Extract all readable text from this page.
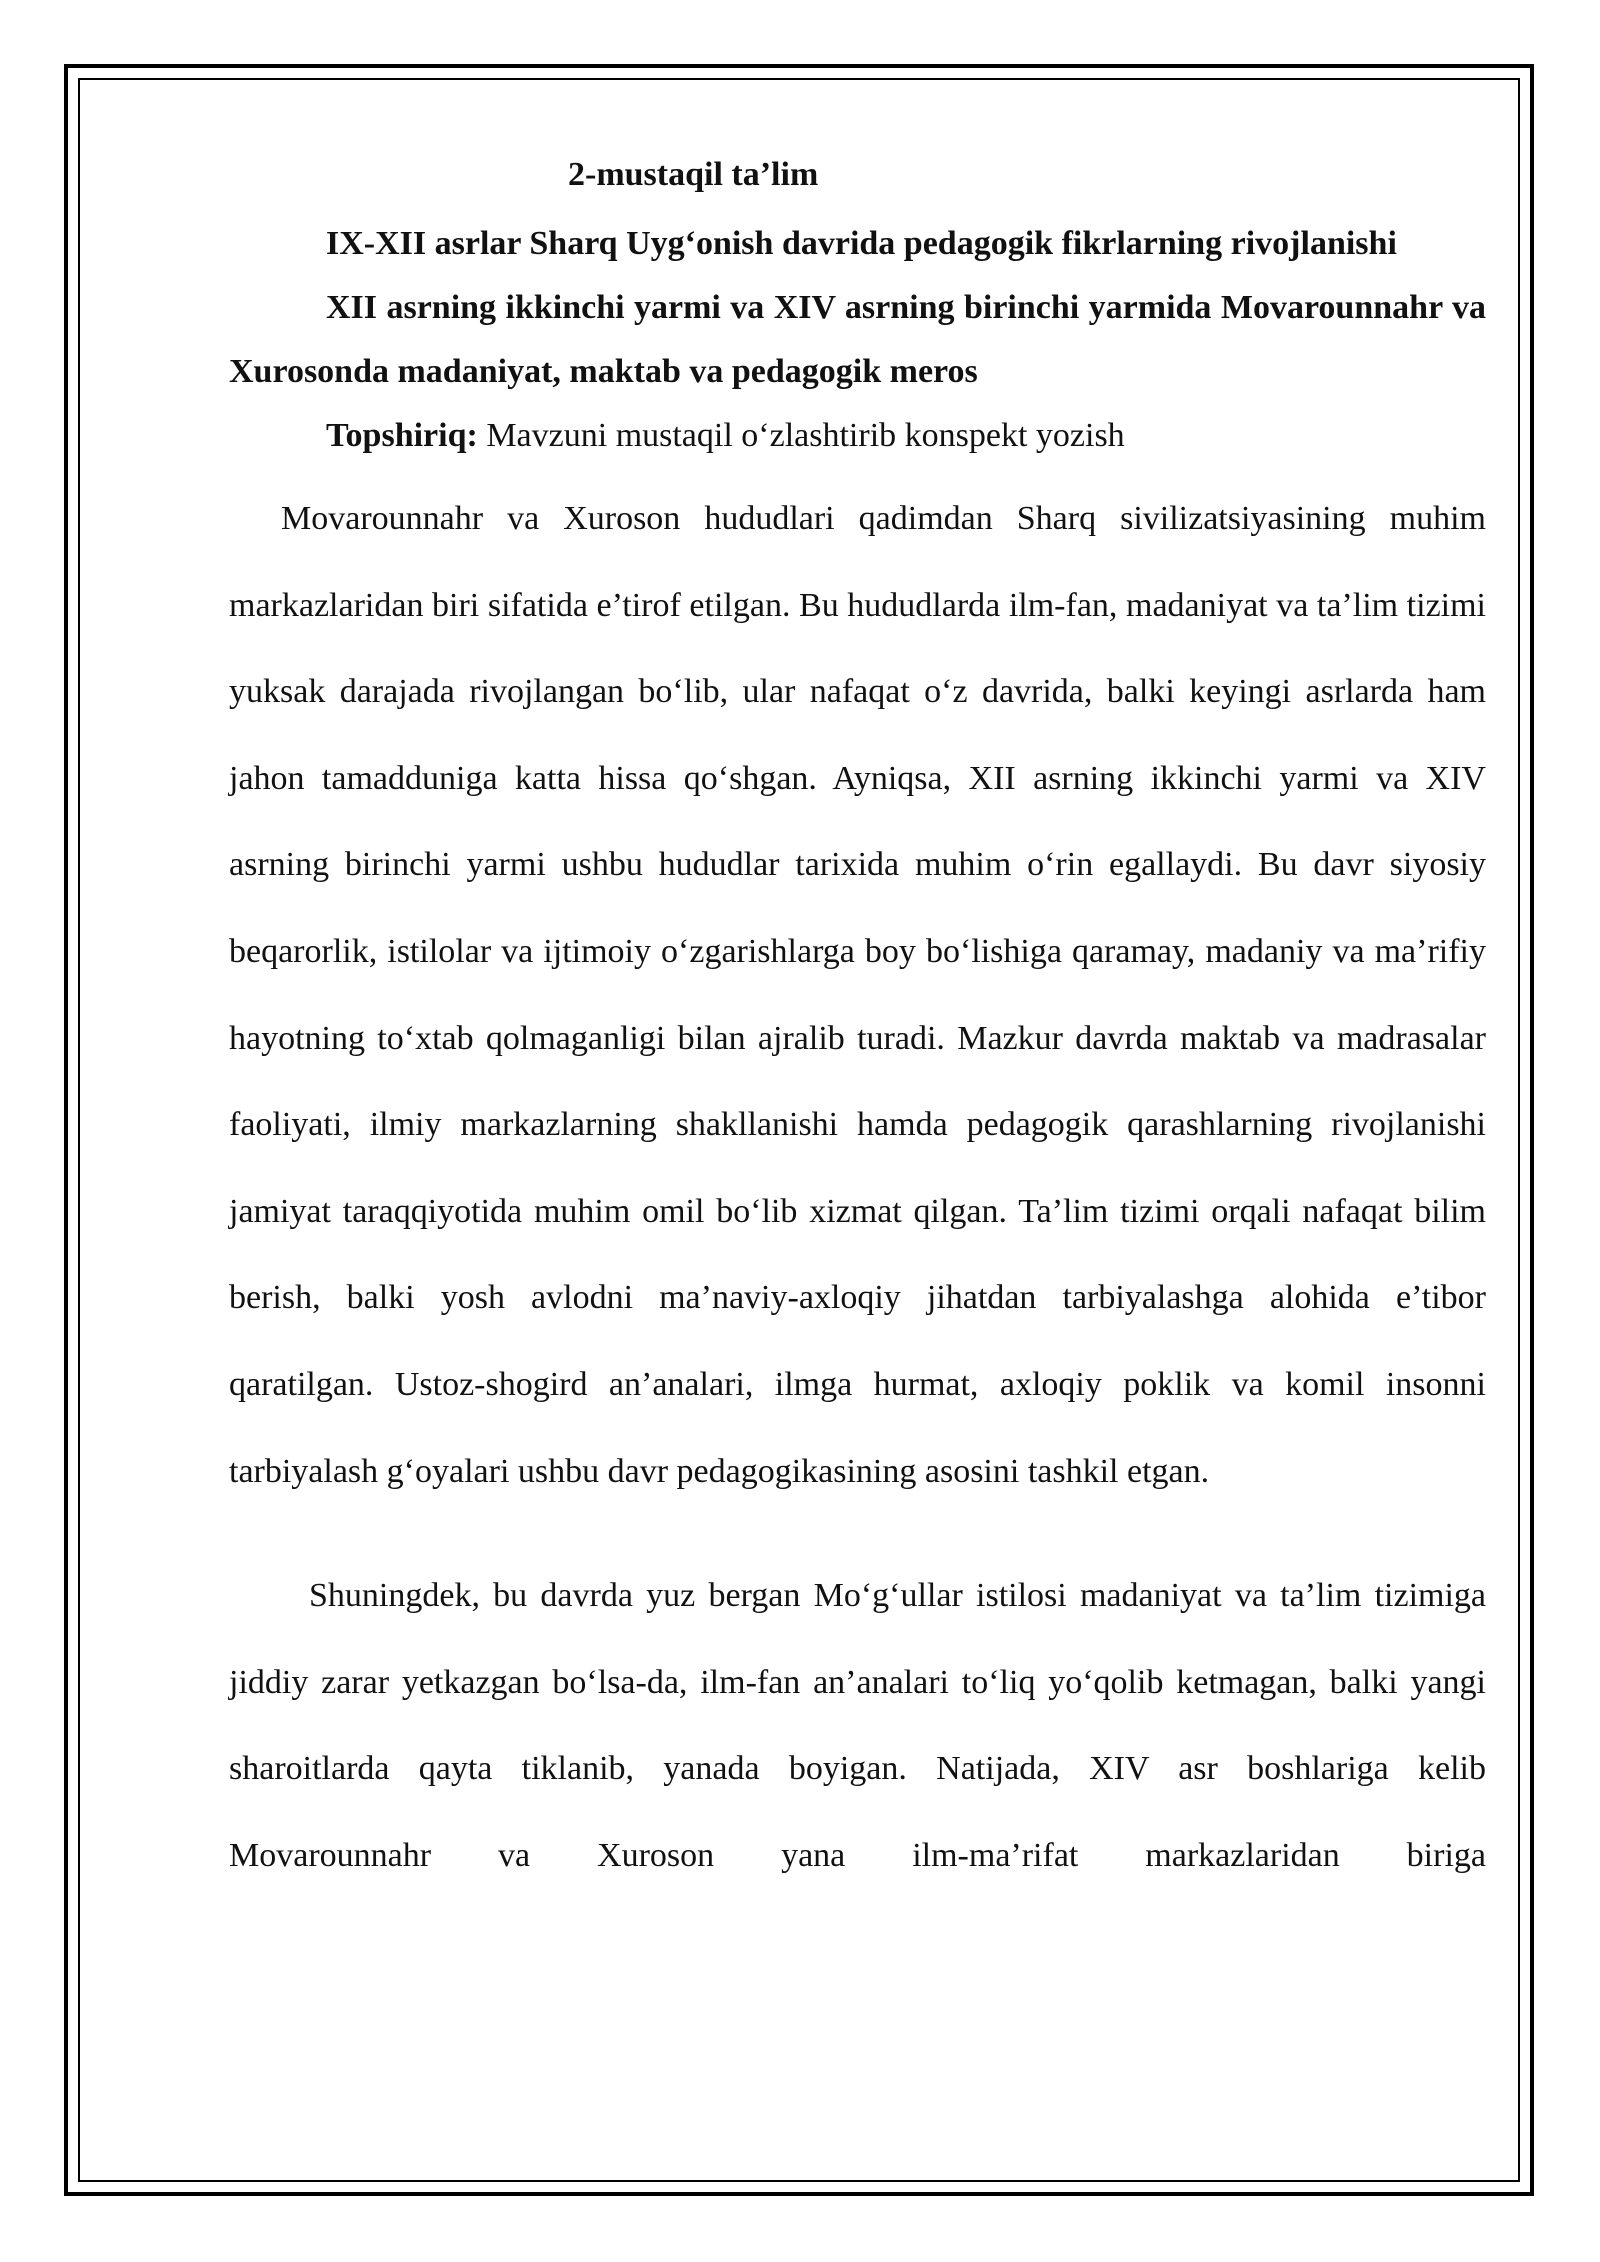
2-mustaqil ta’lim

IX-XII asrlar Sharq Uyg‘onish davrida pedagogik fikrlarning rivojlanishi

XII asrning ikkinchi yarmi va XIV asrning birinchi yarmida Movarounnahr va Xurosonda madaniyat, maktab va pedagogik meros

Topshiriq: Mavzuni mustaqil o‘zlashtirib konspekt yozish

Movarounnahr va Xuroson hududlari qadimdan Sharq sivilizatsiyasining muhim markazlaridan biri sifatida e’tirof etilgan. Bu hududlarda ilm-fan, madaniyat va ta’lim tizimi yuksak darajada rivojlangan bo‘lib, ular nafaqat o‘z davrida, balki keyingi asrlarda ham jahon tamadduniga katta hissa qo‘shgan. Ayniqsa, XII asrning ikkinchi yarmi va XIV asrning birinchi yarmi ushbu hududlar tarixida muhim o‘rin egallaydi. Bu davr siyosiy beqarorlik, istilolar va ijtimoiy o‘zgarishlarga boy bo‘lishiga qaramay, madaniy va ma’rifiy hayotning to‘xtab qolmaganligi bilan ajralib turadi. Mazkur davrda maktab va madrasalar faoliyati, ilmiy markazlarning shakllanishi hamda pedagogik qarashlarning rivojlanishi jamiyat taraqqiyotida muhim omil bo‘lib xizmat qilgan. Ta’lim tizimi orqali nafaqat bilim berish, balki yosh avlodni ma’naviy-axloqiy jihatdan tarbiyalashga alohida e’tibor qaratilgan. Ustoz-shogird an’analari, ilmga hurmat, axloqiy poklik va komil insonni tarbiyalash g‘oyalari ushbu davr pedagogikasining asosini tashkil etgan.

Shuningdek, bu davrda yuz bergan Mo‘g‘ullar istilosi madaniyat va ta’lim tizimiga jiddiy zarar yetkazgan bo‘lsa-da, ilm-fan an’analari to‘liq yo‘qolib ketmagan, balki yangi sharoitlarda qayta tiklanib, yanada boyigan. Natijada, XIV asr boshlariga kelib Movarounnahr va Xuroson yana ilm-ma’rifat markazlaridan biriga
